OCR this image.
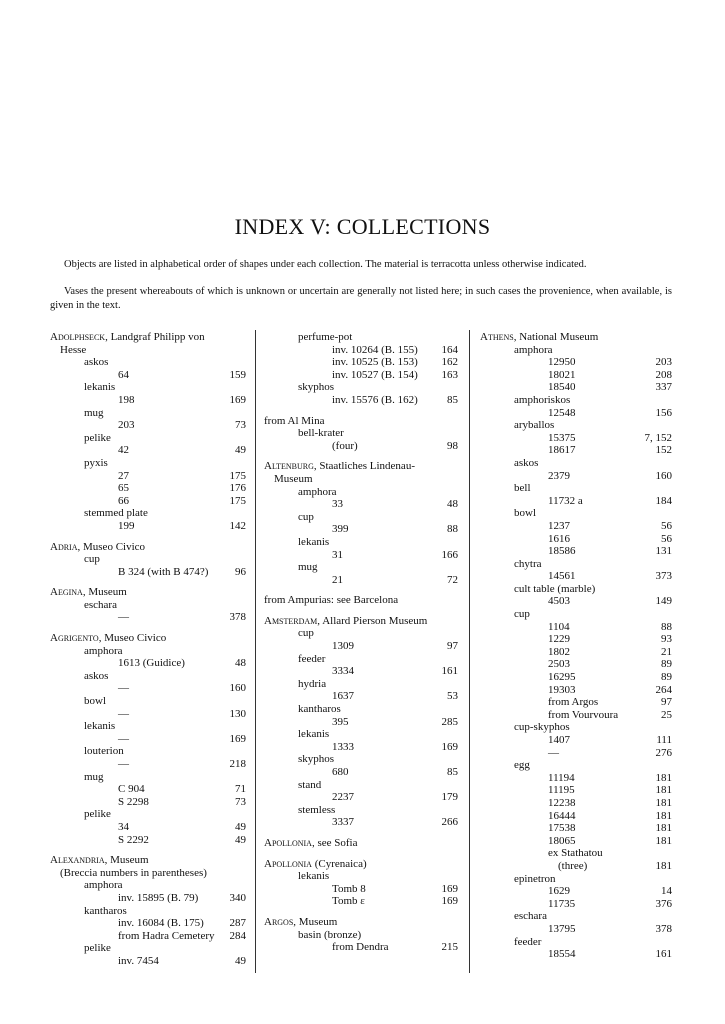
INDEX V: COLLECTIONS

Objects are listed in alphabetical order of shapes under each collection. The material is terracotta unless otherwise indicated.

Vases the present whereabouts of which is unknown or uncertain are generally not listed here; in such cases the provenience, when available, is given in the text.

Adolphseck, Landgraf Philipp von
Hesse
askos
64	159
lekanis
198	169
mug
203	73
pelike
42	49
pyxis
27	175
65	176
66	175
stemmed plate
199	142
Adria, Museo Civico
cup
B 324 (with B 474?)	96
Aegina, Museum
eschara
—	378
Agrigento, Museo Civico
amphora
1613 (Guidice)	48
askos
—	160
bowl
—	130
lekanis
—	169
louterion
—	218
mug
C 904	71
S 2298	73
pelike
34	49
S 2292	49
Alexandria, Museum
(Breccia numbers in parentheses)
amphora
inv. 15895 (B. 79)	340
kantharos
inv. 16084 (B. 175)	287
from Hadra Cemetery	284
pelike
inv. 7454	49
perfume-pot
inv. 10264 (B. 155)	164
inv. 10525 (B. 153)	162
inv. 10527 (B. 154)	163
skyphos
inv. 15576 (B. 162)	85
from Al Mina
bell-krater
(four)	98
Altenburg, Staatliches Lindenau-
Museum
amphora
33	48
cup
399	88
lekanis
31	166
mug
21	72
from Ampurias: see Barcelona
Amsterdam, Allard Pierson Museum
cup
1309	97
feeder
3334	161
hydria
1637	53
kantharos
395	285
lekanis
1333	169
skyphos
680	85
stand
2237	179
stemless
3337	266
Apollonia, see Sofia
Apollonia (Cyrenaica)
lekanis
Tomb 8	169
Tomb ε	169
Argos, Museum
basin (bronze)
from Dendra	215
Athens, National Museum
amphora
12950	203
18021	208
18540	337
amphoriskos
12548	156
aryballos
15375	7, 152
18617	152
askos
2379	160
bell
11732 a	184
bowl
1237	56
1616	56
18586	131
chytra
14561	373
cult table (marble)
4503	149
cup
1104	88
1229	93
1802	21
2503	89
16295	89
19303	264
from Argos	97
from Vourvoura	25
cup-skyphos
1407	111
—	276
egg
11194	181
11195	181
12238	181
16444	181
17538	181
18065	181
ex Stathatou
(three)	181
epinetron
1629	14
11735	376
eschara
13795	378
feeder
18554	161
